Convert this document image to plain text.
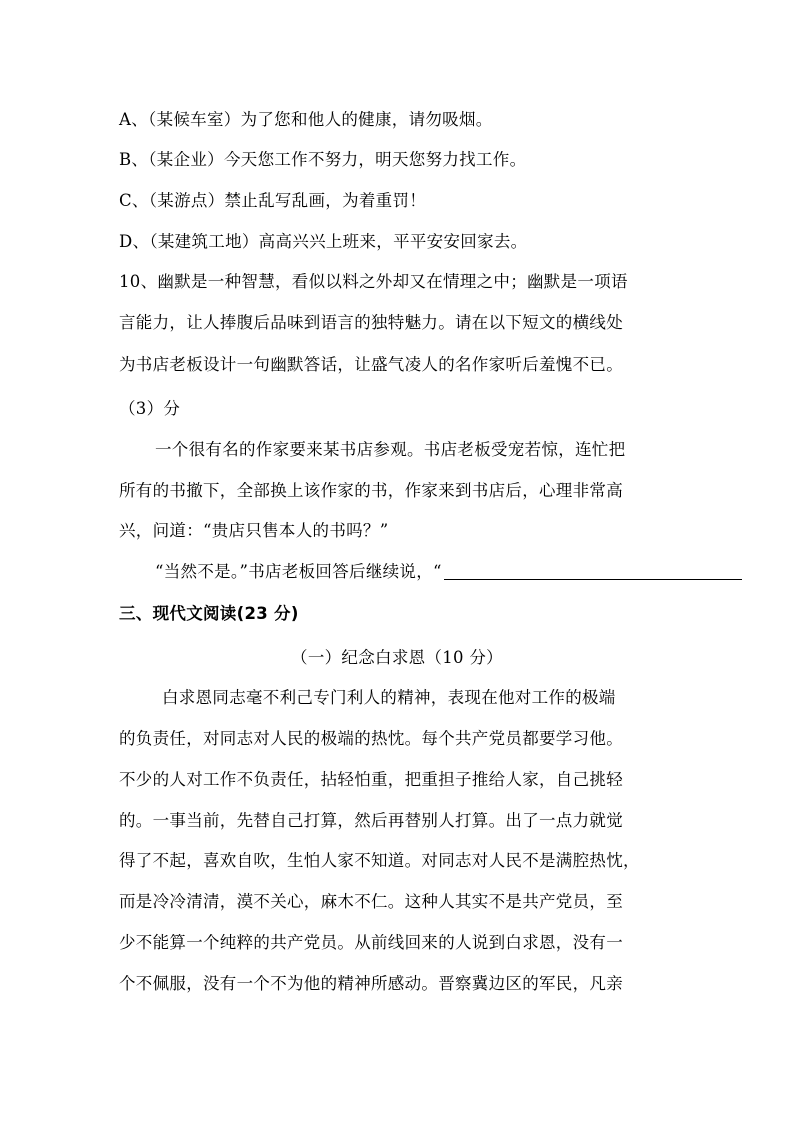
A、（某候车室）为了您和他人的健康，请勿吸烟。
B、（某企业）今天您工作不努力，明天您努力找工作。
C、（某游点）禁止乱写乱画，为着重罚！
D、（某建筑工地）高高兴兴上班来，平平安安回家去。
10、幽默是一种智慧，看似以料之外却又在情理之中；幽默是一项语
言能力，让人捧腹后品味到语言的独特魅力。请在以下短文的横线处
为书店老板设计一句幽默答话，让盛气凌人的名作家听后羞愧不已。
（3）分
一个很有名的作家要来某书店参观。书店老板受宠若惊，连忙把
所有的书撤下，全部换上该作家的书，作家来到书店后，心理非常高
兴，问道：“贵店只售本人的书吗？”
“当然不是。”书店老板回答后继续说，“
三、现代文阅读(23 分)
（一）纪念白求恩（10 分）
白求恩同志毫不利己专门利人的精神，表现在他对工作的极端
的负责任，对同志对人民的极端的热忱。每个共产党员都要学习他。
不少的人对工作不负责任，拈轻怕重，把重担子推给人家，自己挑轻
的。一事当前，先替自己打算，然后再替别人打算。出了一点力就觉
得了不起，喜欢自吹，生怕人家不知道。对同志对人民不是满腔热忱，
而是冷冷清清，漠不关心，麻木不仁。这种人其实不是共产党员，至
少不能算一个纯粹的共产党员。从前线回来的人说到白求恩，没有一
个不佩服，没有一个不为他的精神所感动。晋察冀边区的军民，凡亲
